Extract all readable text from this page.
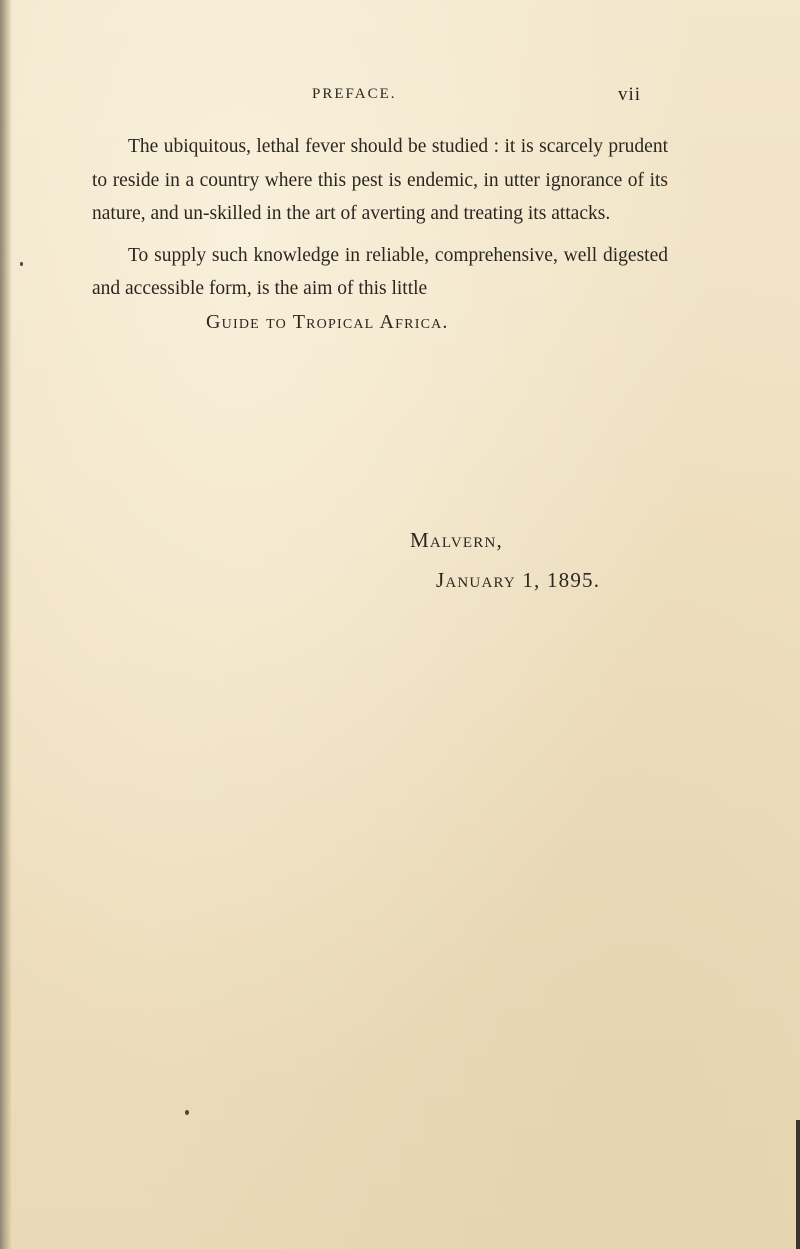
PREFACE.	vii

The ubiquitous, lethal fever should be studied : it is scarcely prudent to reside in a country where this pest is endemic, in utter ignorance of its nature, and un-skilled in the art of averting and treating its attacks.

To supply such knowledge in reliable, comprehensive, well digested and accessible form, is the aim of this little

Guide to Tropical Africa.

Malvern,
January 1, 1895.
